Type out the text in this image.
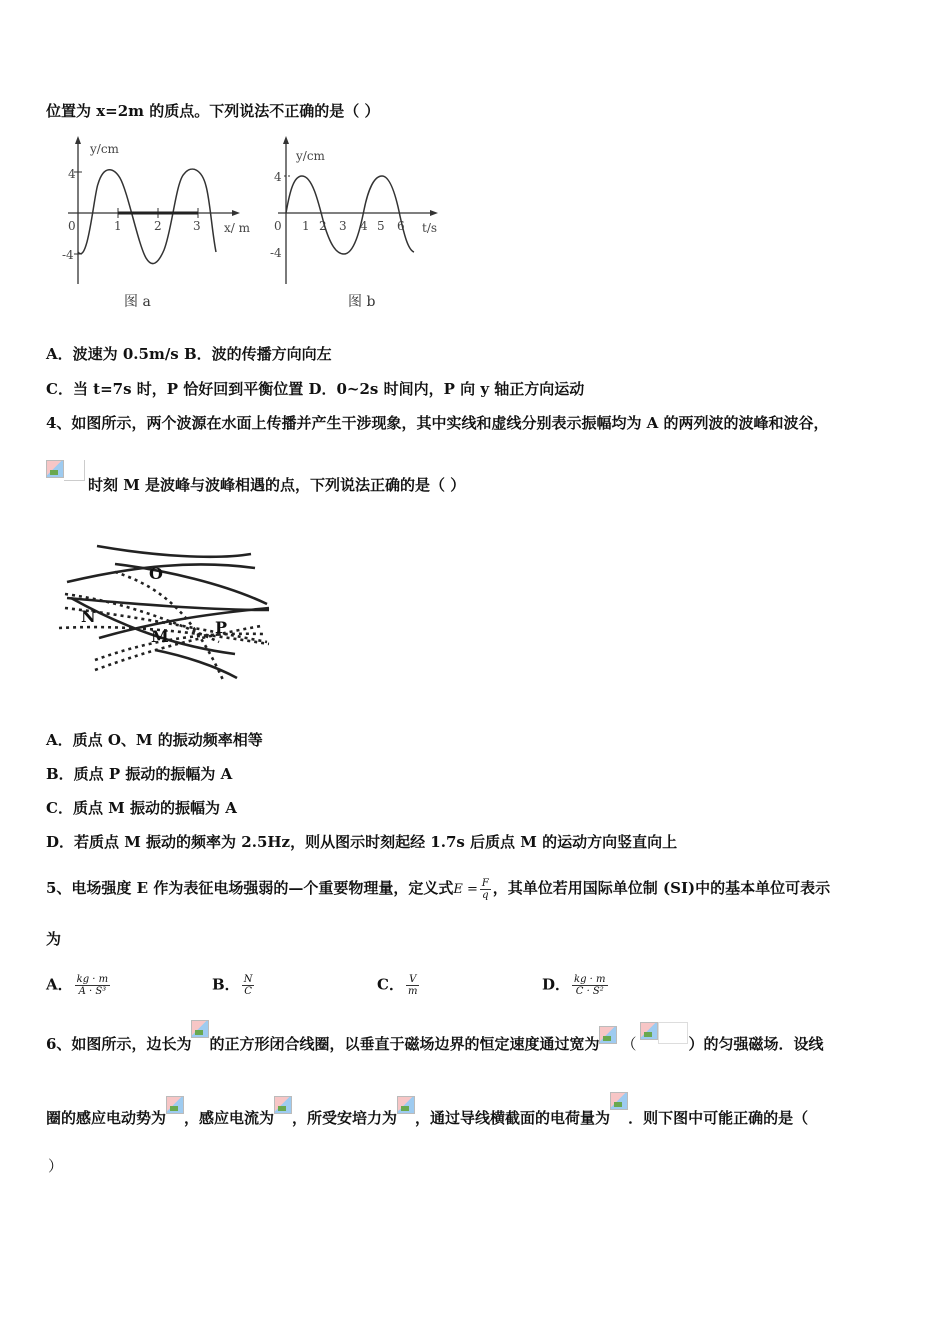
位置为 x=2m 的质点。下列说法不正确的是（ ）
y/cm
4
-4
0	1	2	3 x/ m
图 a
y/cm
4
-4
0 1 2 3 4 5 6 t/s
图 b
A．波速为 0.5m/s B．波的传播方向向左
C．当 t=7s 时，P 恰好回到平衡位置 D．0~2s 时间内，P 向 y 轴正方向运动
4、如图所示，两个波源在水面上传播并产生干涉现象，其中实线和虚线分别表示振幅均为 A 的两列波的波峰和波谷，
时刻 M 是波峰与波峰相遇的点，下列说法正确的是（ ）
O
N
M	P
A．质点 O、M 的振动频率相等
B．质点 P 振动的振幅为 A
C．质点 M 振动的振幅为 A
D．若质点 M 振动的频率为 2.5Hz，则从图示时刻起经 1.7s 后质点 M 的运动方向竖直向上
5、电场强度 E 作为表征电场强弱的—个重要物理量，定义式$E = \frac{F}{q}$ ，其单位若用国际单位制 (SI)中的基本单位可表示
为
A． $\frac{kg \cdot m}{\text{A · S³}}$	B． $\frac{N}{C}$	C． $\frac{V}{m}$	D． $\frac{kg \cdot m}{\text{C · S²}}$
6、如图所示，边长为 的正方形闭合线圈，以垂直于磁场边界的恒定速度通过宽为 （	）的匀强磁场．设线
圈的感应电动势为 ，感应电流为 ，所受安培力为 ，通过导线横截面的电荷量为 ．则下图中可能正确的是（
）
